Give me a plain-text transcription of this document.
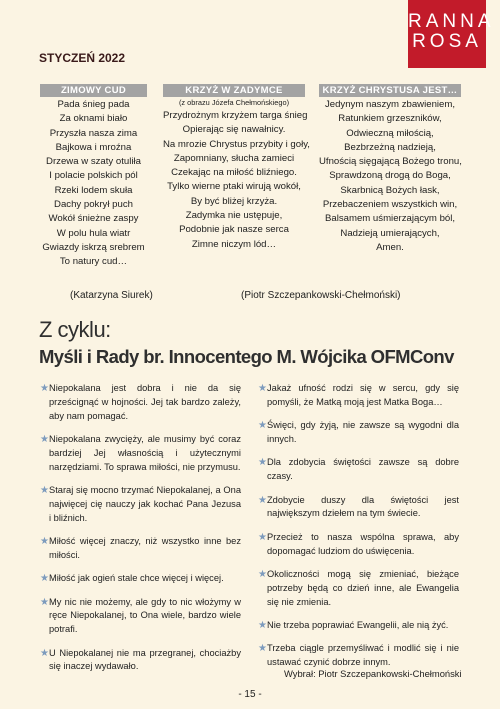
RANNA
ROSA
STYCZEŃ 2022
ZIMOWY CUD
Pada śnieg pada
Za oknami biało
Przyszła nasza zima
Bajkowa i mroźna
Drzewa w szaty otuliła
I polacie polskich pól
Rzeki lodem skuła
Dachy pokrył puch
Wokół śnieżne zaspy
W polu hula wiatr
Gwiazdy iskrzą srebrem
To natury cud…
KRZYŻ W ZADYMCE
(z obrazu Józefa Chełmońskiego)
Przydrożnym krzyżem targa śnieg
Opierając się nawałnicy.
Na mrozie Chrystus przybity i goły,
Zapomniany, słucha zamieci
Czekając na miłość bliźniego.
Tylko wierne ptaki wirują wokół,
By być bliżej krzyża.
Zadymka nie ustępuje,
Podobnie jak nasze serca
Zimne niczym lód…
KRZYŻ CHRYSTUSA JEST…
Jedynym naszym zbawieniem,
Ratunkiem grzeszników,
Odwieczną miłością,
Bezbrzeżną nadzieją,
Ufnością sięgającą Bożego tronu,
Sprawdzoną drogą do Boga,
Skarbnicą Bożych łask,
Przebaczeniem wszystkich win,
Balsamem uśmierzającym ból,
Nadzieją umierających,
Amen.
(Katarzyna Siurek)	(Piotr Szczepankowski-Chełmoński)
Z cyklu:
Myśli i Rady br. Innocentego M. Wójcika OFMConv
★ Niepokalana jest dobra i nie da się prześcignąć w hojności. Jej tak bardzo zależy, aby nam pomagać.
★ Niepokalana zwycięży, ale musimy być coraz bardziej Jej własnością i użytecznymi narzędziami. To sprawa miłości, nie przymusu.
★ Staraj się mocno trzymać Niepokalanej, a Ona najwięcej cię nauczy jak kochać Pana Jezusa i bliźnich.
★ Miłość więcej znaczy, niż wszystko inne bez miłości.
★ Miłość jak ogień stale chce więcej i więcej.
★ My nic nie możemy, ale gdy to nic włożymy w ręce Niepokalanej, to Ona wiele, bardzo wiele potrafi.
★ U Niepokalanej nie ma przegranej, chociażby się inaczej wydawało.
★ Jakaż ufność rodzi się w sercu, gdy się pomyśli, że Matką moją jest Matka Boga…
★ Święci, gdy żyją, nie zawsze są wygodni dla innych.
★ Dla zdobycia świętości zawsze są dobre czasy.
★ Zdobycie duszy dla świętości jest największym dziełem na tym świecie.
★ Przecież to nasza wspólna sprawa, aby dopomagać ludziom do uświęcenia.
★ Okoliczności mogą się zmieniać, bieżące potrzeby będą co dzień inne, ale Ewangelia się nie zmienia.
★ Nie trzeba poprawiać Ewangelii, ale nią żyć.
★ Trzeba ciągle przemyśliwać i modlić się i nie ustawać czynić dobrze innym.
Wybrał: Piotr Szczepankowski-Chełmoński
- 15 -
